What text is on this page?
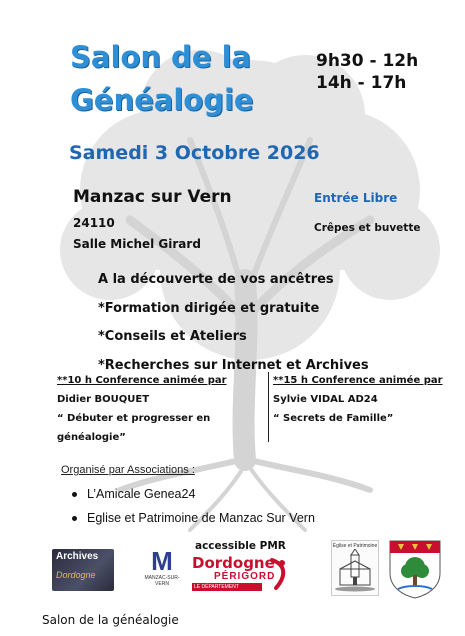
Salon de la
Généalogie
9h30 - 12h
14h - 17h
Samedi 3 Octobre 2026
Manzac sur Vern
24110
Salle Michel Girard
Entrée Libre
Crêpes et buvette
A la découverte de vos ancêtres
*Formation dirigée et gratuite
*Conseils et Ateliers
*Recherches sur Internet et Archives
**10 h Conference animée par
Didier BOUQUET
“ Débuter et progresser en
généalogie”
**15 h Conference animée par
Sylvie VIDAL AD24
“ Secrets de Famille”
Organisé par Associations :
L’Amicale Genea24
Eglise et Patrimoine de Manzac Sur Vern
Archives
Dordogne	M
MANZAC-SUR-VERN
accessible PMR
Dordogne
PÉRIGORD
LE DÉPARTEMENT
Église et Patrimoine
Salon de la généalogie
